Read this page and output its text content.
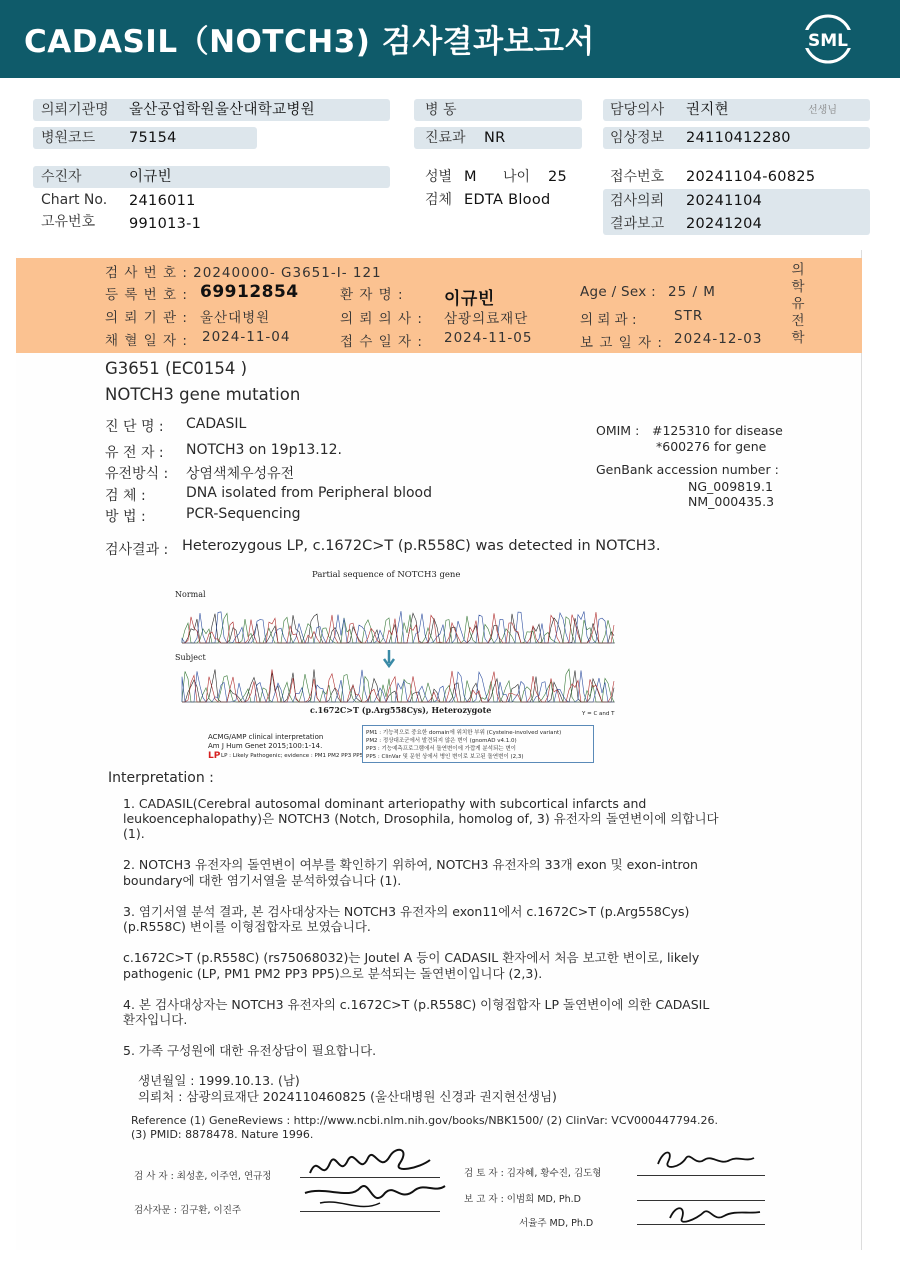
CADASIL（NOTCH3) 검사결과보고서	SML
의뢰기관명 울산공업학원울산대학교병원
병원코드 75154
병 동
진료과 NR
담당의사 권지현	선생님
임상정보 24110412280
수진자	이규빈
Chart No. 2416011
고유번호 991013-1
성별 M 나이 25
검체 EDTA Blood
접수번호 20241104-60825
검사의뢰 20241104
결과보고 20241204
검 사 번 호 : 20240000- G3651-I- 121
등 록 번 호 : 69912854	환 자 명 : 이규빈	Age / Sex : 25 / M
의 뢰 기 관 : 울산대병원	의 뢰 의 사 : 삼광의료재단	의 뢰 과 :	STR
채 혈 일 자 : 2024-11-04	접 수 일 자 : 2024-11-05	보 고 일 자 : 2024-12-03
의
학
유
전
학
G3651 (EC0154 )
NOTCH3 gene mutation
진 단 명 : CADASIL
유 전 자 : NOTCH3 on 19p13.12.
유전방식 : 상염색체우성유전
검 체 :	DNA isolated from Peripheral blood
방 법 :	PCR-Sequencing
OMIM : #125310 for disease
*600276 for gene
GenBank accession number :
NG_009819.1
NM_000435.3
검사결과 : Heterozygous LP, c.1672C>T (p.R558C) was detected in NOTCH3.
Partial sequence of NOTCH3 gene
Normal
Subject
c.1672C>T (p.Arg558Cys), Heterozygote	Y = C and T
ACMG/AMP clinical interpretation
Am J Hum Genet 2015;100:1-14.
LP LP : Likely Pathogenic; evidence : PM1 PM2 PP3 PP5
PM1 : 기능적으로 중요한 domain에 위치한 부위 (Cysteine-involved variant)
PM2 : 정상대조군에서 발견되지 않은 변이 (gnomAD v4.1.0)
PP3 : 기능예측프로그램에서 돌연변이에 가깝게 분석되는 변이
PP5 : ClinVar 및 문헌 상에서 병인 변이로 보고된 돌연변이 (2,3)
Interpretation :
1. CADASIL(Cerebral autosomal dominant arteriopathy with subcortical infarcts and
leukoencephalopathy)은 NOTCH3 (Notch, Drosophila, homolog of, 3) 유전자의 돌연변이에 의합니다
(1).
2. NOTCH3 유전자의 돌연변이 여부를 확인하기 위하여, NOTCH3 유전자의 33개 exon 및 exon-intron
boundary에 대한 염기서열을 분석하였습니다 (1).
3. 염기서열 분석 결과, 본 검사대상자는 NOTCH3 유전자의 exon11에서 c.1672C>T (p.Arg558Cys)
(p.R558C) 변이를 이형접합자로 보였습니다.
c.1672C>T (p.R558C) (rs75068032)는 Joutel A 등이 CADASIL 환자에서 처음 보고한 변이로, likely
pathogenic (LP, PM1 PM2 PP3 PP5)으로 분석되는 돌연변이입니다 (2,3).
4. 본 검사대상자는 NOTCH3 유전자의 c.1672C>T (p.R558C) 이형접합자 LP 돌연변이에 의한 CADASIL
환자입니다.
5. 가족 구성원에 대한 유전상담이 필요합니다.
생년월일 : 1999.10.13. (남)
의뢰처 : 삼광의료재단 2024110460825 (울산대병원 신경과 권지현선생님)
Reference (1) GeneReviews : http://www.ncbi.nlm.nih.gov/books/NBK1500/ (2) ClinVar: VCV000447794.26.
(3) PMID: 8878478. Nature 1996.
검 사 자 : 최성훈, 이주연, 연규정
검사자문 : 김구환, 이진주
검 토 자 : 김자혜, 황수진, 김도형
보 고 자 : 이범희 MD, Ph.D
서율주 MD, Ph.D
